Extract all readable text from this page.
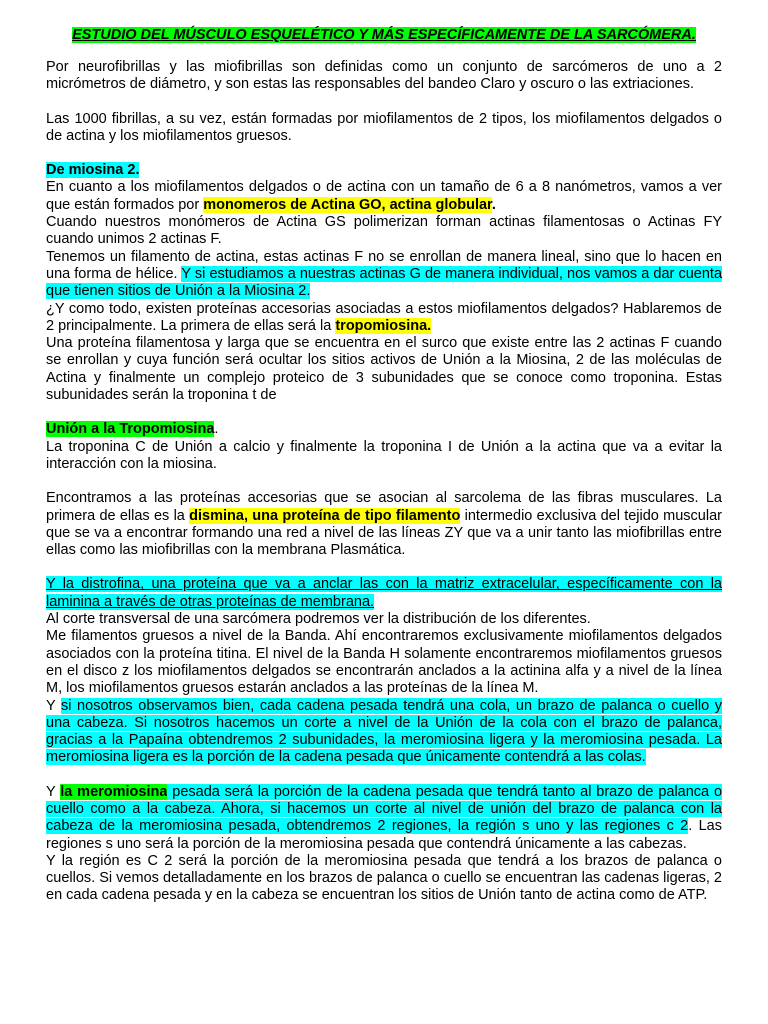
ESTUDIO DEL MÚSCULO ESQUELÉTICO Y MÁS ESPECÍFICAMENTE DE LA SARCÓMERA.

Por neurofibrillas y las miofibrillas son definidas como un conjunto de sarcómeros de uno a 2 micrómetros de diámetro, y son estas las responsables del bandeo Claro y oscuro o las extriaciones.

Las 1000 fibrillas, a su vez, están formadas por miofilamentos de 2 tipos, los miofilamentos delgados o de actina y los miofilamentos gruesos.

De miosina 2.

En cuanto a los miofilamentos delgados o de actina con un tamaño de 6 a 8 nanómetros, vamos a ver que están formados por monomeros de Actina GO, actina globular.

Cuando nuestros monómeros de Actina GS polimerizan forman actinas filamentosas o Actinas FY cuando unimos 2 actinas F.

Tenemos un filamento de actina, estas actinas F no se enrollan de manera lineal, sino que lo hacen en una forma de hélice. Y si estudiamos a nuestras actinas G de manera individual, nos vamos a dar cuenta que tienen sitios de Unión a la Miosina 2.

¿Y como todo, existen proteínas accesorias asociadas a estos miofilamentos delgados? Hablaremos de 2 principalmente. La primera de ellas será la tropomiosina.

Una proteína filamentosa y larga que se encuentra en el surco que existe entre las 2 actinas F cuando se enrollan y cuya función será ocultar los sitios activos de Unión a la Miosina, 2 de las moléculas de Actina y finalmente un complejo proteico de 3 subunidades que se conoce como troponina. Estas subunidades serán la troponina t de

Unión a la Tropomiosina.

La troponina C de Unión a calcio y finalmente la troponina I de Unión a la actina que va a evitar la interacción con la miosina.

Encontramos a las proteínas accesorias que se asocian al sarcolema de las fibras musculares. La primera de ellas es la dismina, una proteína de tipo filamento intermedio exclusiva del tejido muscular que se va a encontrar formando una red a nivel de las líneas ZY que va a unir tanto las miofibrillas entre ellas como las miofibrillas con la membrana Plasmática.

Y la distrofina, una proteína que va a anclar las con la matriz extracelular, específicamente con la laminina a través de otras proteínas de membrana.

Al corte transversal de una sarcómera podremos ver la distribución de los diferentes.

Me filamentos gruesos a nivel de la Banda. Ahí encontraremos exclusivamente miofilamentos delgados asociados con la proteína titina. El nivel de la Banda H solamente encontraremos miofilamentos gruesos en el disco z los miofilamentos delgados se encontrarán anclados a la actinina alfa y a nivel de la línea M, los miofilamentos gruesos estarán anclados a las proteínas de la línea M.

Y si nosotros observamos bien, cada cadena pesada tendrá una cola, un brazo de palanca o cuello y una cabeza. Si nosotros hacemos un corte a nivel de la Unión de la cola con el brazo de palanca, gracias a la Papaína obtendremos 2 subunidades, la meromiosina ligera y la meromiosina pesada. La meromiosina ligera es la porción de la cadena pesada que únicamente contendrá a las colas.

Y la meromiosina pesada será la porción de la cadena pesada que tendrá tanto al brazo de palanca o cuello como a la cabeza. Ahora, si hacemos un corte al nivel de unión del brazo de palanca con la cabeza de la meromiosina pesada, obtendremos 2 regiones, la región s uno y las regiones c 2. Las regiones s uno será la porción de la meromiosina pesada que contendrá únicamente a las cabezas.

Y la región es C 2 será la porción de la meromiosina pesada que tendrá a los brazos de palanca o cuellos. Si vemos detalladamente en los brazos de palanca o cuello se encuentran las cadenas ligeras, 2 en cada cadena pesada y en la cabeza se encuentran los sitios de Unión tanto de actina como de ATP.
